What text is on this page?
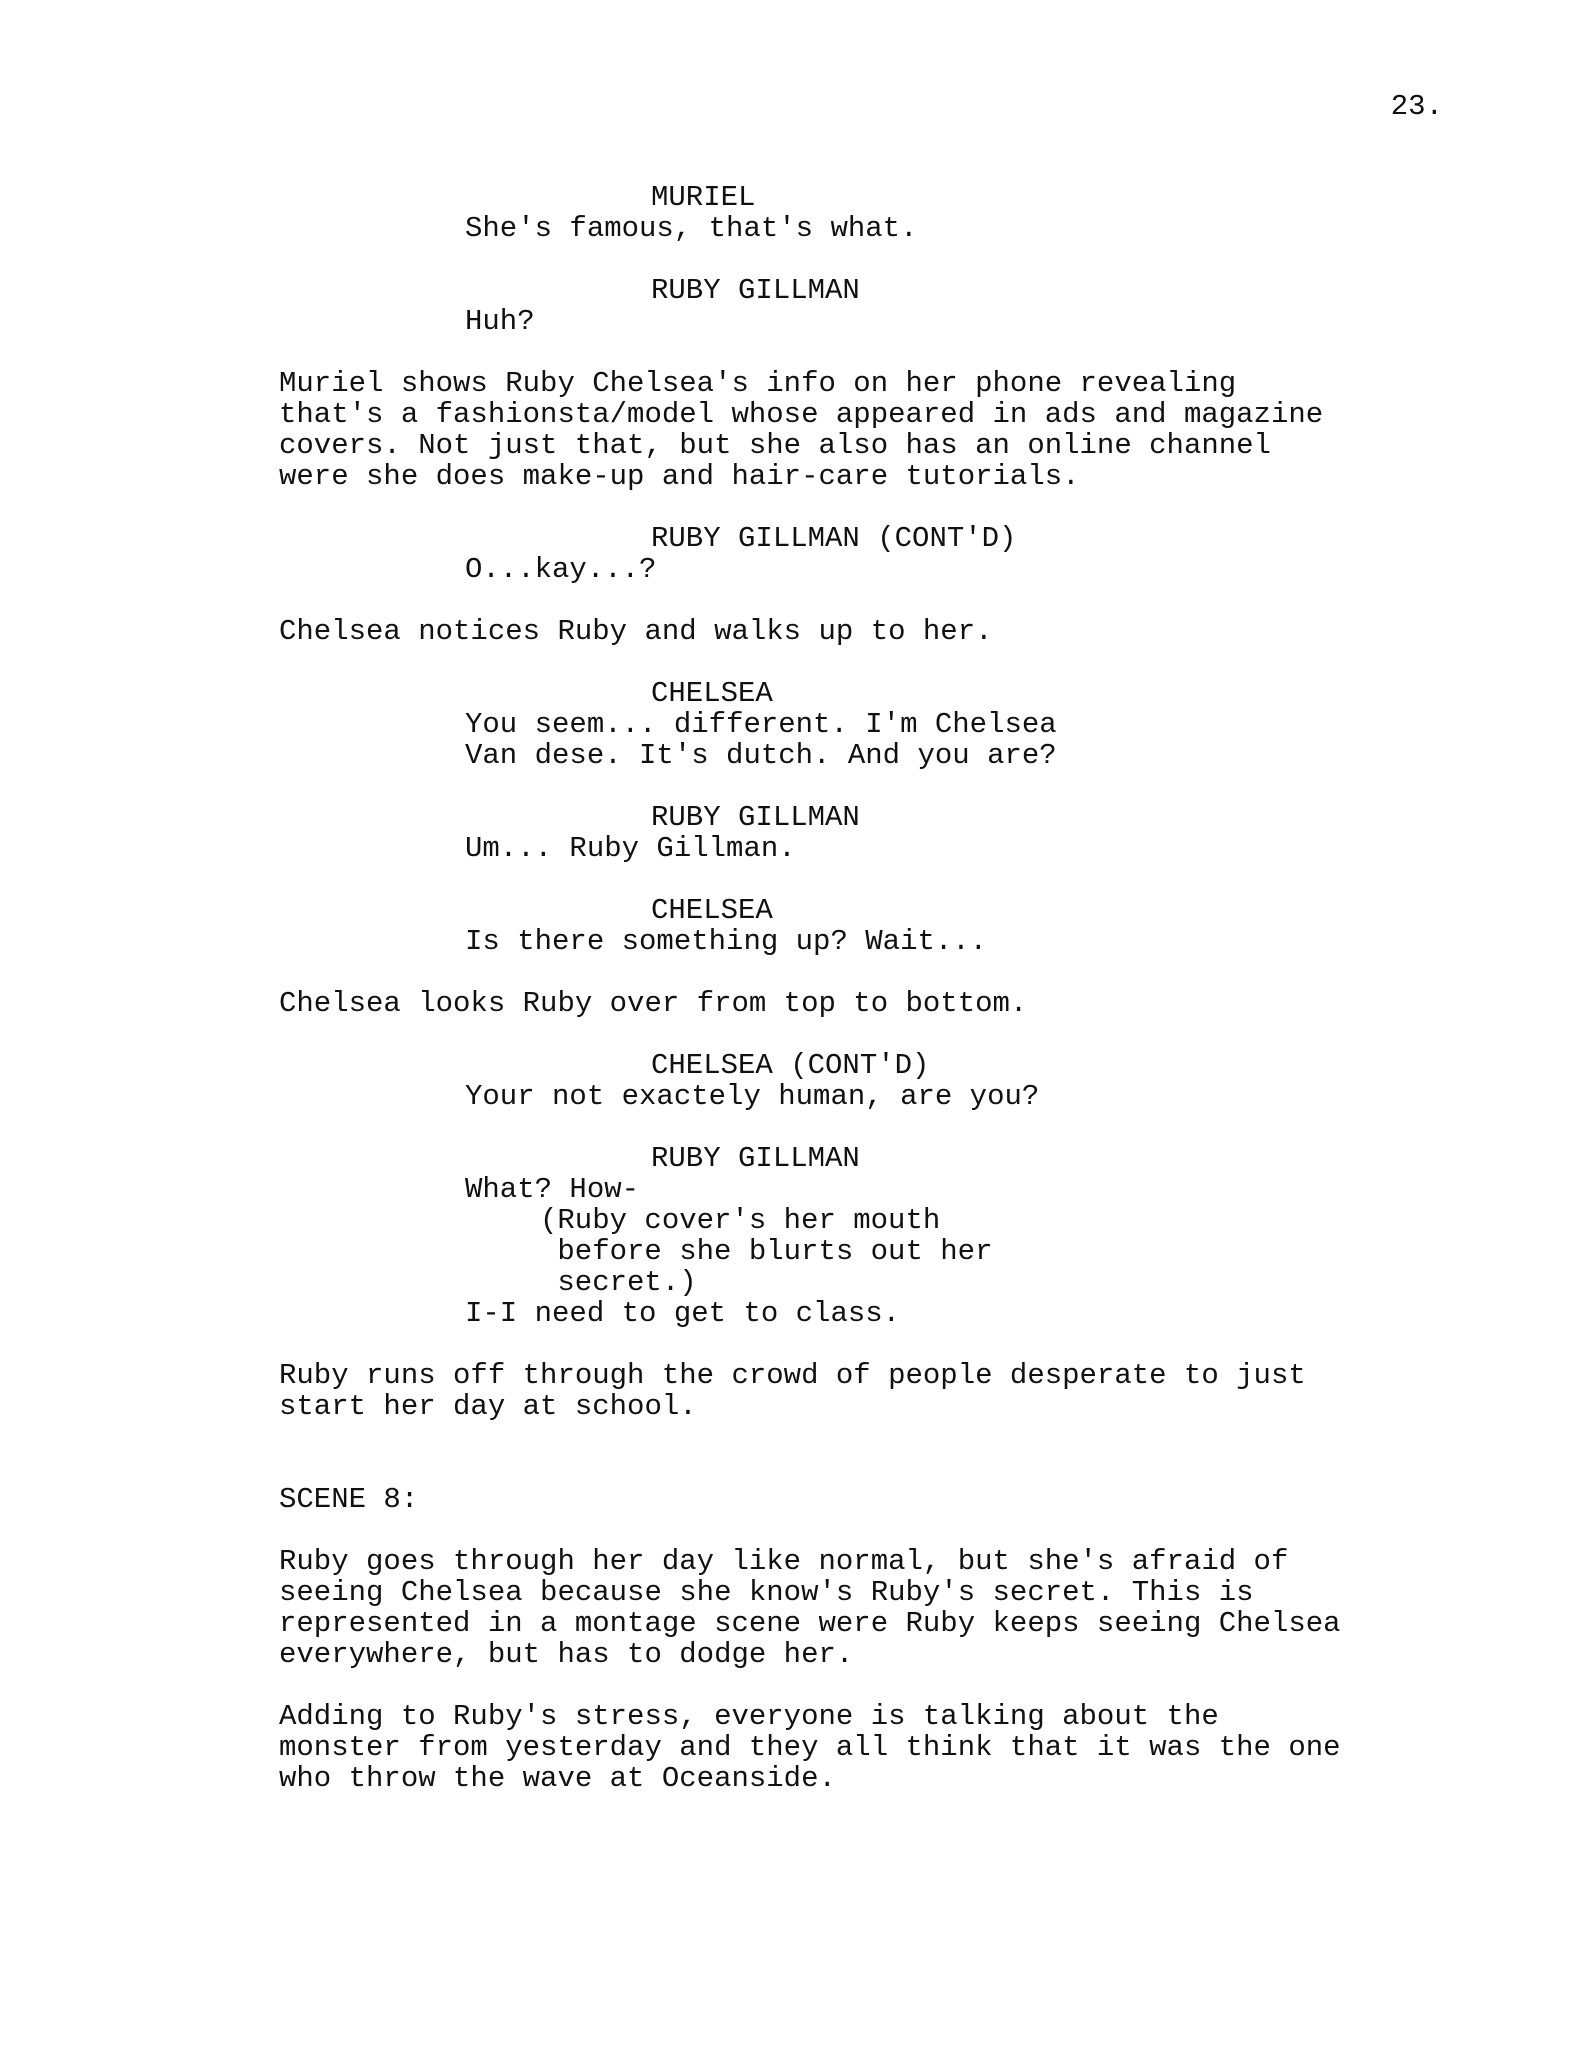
23.
MURIEL
She's famous, that's what.
RUBY GILLMAN
Huh?
Muriel shows Ruby Chelsea's info on her phone revealing
that's a fashionsta/model whose appeared in ads and magazine
covers. Not just that, but she also has an online channel
were she does make-up and hair-care tutorials.
RUBY GILLMAN (CONT'D)
O...kay...?
Chelsea notices Ruby and walks up to her.
CHELSEA
You seem... different. I'm Chelsea
Van dese. It's dutch. And you are?
RUBY GILLMAN
Um... Ruby Gillman.
CHELSEA
Is there something up? Wait...
Chelsea looks Ruby over from top to bottom.
CHELSEA (CONT'D)
Your not exactely human, are you?
RUBY GILLMAN
What? How-
(Ruby cover's her mouth
before she blurts out her
secret.)
I-I need to get to class.
Ruby runs off through the crowd of people desperate to just
start her day at school.
SCENE 8:
Ruby goes through her day like normal, but she's afraid of
seeing Chelsea because she know's Ruby's secret. This is
represented in a montage scene were Ruby keeps seeing Chelsea
everywhere, but has to dodge her.
Adding to Ruby's stress, everyone is talking about the
monster from yesterday and they all think that it was the one
who throw the wave at Oceanside.
